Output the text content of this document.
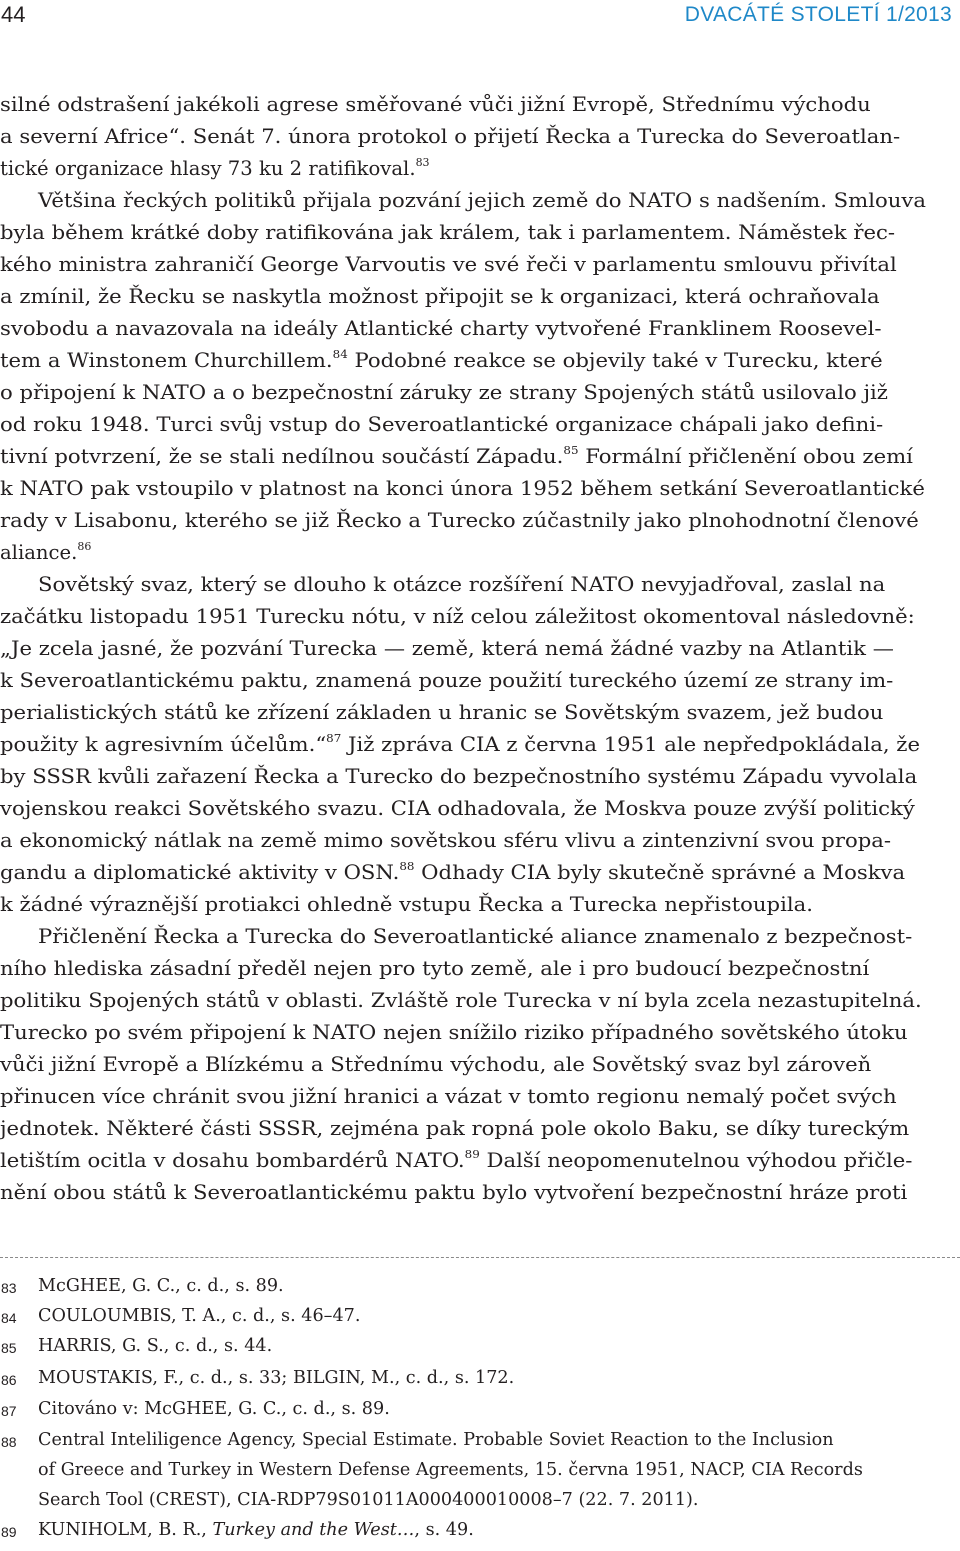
44	DVACÁTÉ STOLETÍ 1/2013
silné odstrašení jakékoli agrese směřované vůči jižní Evropě, Střednímu východu
a severní Africe“. Senát 7. února protokol o přijetí Řecka a Turecka do Severoatlan-
tické organizace hlasy 73 ku 2 ratifikoval.$^{83}$
Většina řeckých politiků přijala pozvání jejich země do NATO s nadšením. Smlouva
byla během krátké doby ratifikována jak králem, tak i parlamentem. Náměstek řec-
kého ministra zahraničí George Varvoutis ve své řeči v parlamentu smlouvu přivítal
a zmínil, že Řecku se naskytla možnost připojit se k organizaci, která ochraňovala
svobodu a navazovala na ideály Atlantické charty vytvořené Franklinem Roosevel-
tem a Winstonem Churchillem.$^{84}$ Podobné reakce se objevily také v Turecku, které
o připojení k NATO a o bezpečnostní záruky ze strany Spojených států usilovalo již
od roku 1948. Turci svůj vstup do Severoatlantické organizace chápali jako defini-
tivní potvrzení, že se stali nedílnou součástí Západu.$^{85}$ Formální přičlenění obou zemí
k NATO pak vstoupilo v platnost na konci února 1952 během setkání Severoatlantické
rady v Lisabonu, kterého se již Řecko a Turecko zúčastnily jako plnohodnotní členové
aliance.$^{86}$
Sovětský svaz, který se dlouho k otázce rozšíření NATO nevyjadřoval, zaslal na
začátku listopadu 1951 Turecku nótu, v níž celou záležitost okomentoval následovně:
„Je zcela jasné, že pozvání Turecka — země, která nemá žádné vazby na Atlantik —
k Severoatlantickému paktu, znamená pouze použití tureckého území ze strany im-
perialistických států ke zřízení základen u hranic se Sovětským svazem, jež budou
použity k agresivním účelům.“$^{87}$ Již zpráva CIA z června 1951 ale nepředpokládala, že
by SSSR kvůli zařazení Řecka a Turecko do bezpečnostního systému Západu vyvolala
vojenskou reakci Sovětského svazu. CIA odhadovala, že Moskva pouze zvýší politický
a ekonomický nátlak na země mimo sovětskou sféru vlivu a zintenzivní svou propa-
gandu a diplomatické aktivity v OSN.$^{88}$ Odhady CIA byly skutečně správné a Moskva
k žádné výraznější protiakci ohledně vstupu Řecka a Turecka nepřistoupila.
Přičlenění Řecka a Turecka do Severoatlantické aliance znamenalo z bezpečnost-
ního hlediska zásadní předěl nejen pro tyto země, ale i pro budoucí bezpečnostní
politiku Spojených států v oblasti. Zvláště role Turecka v ní byla zcela nezastupitelná.
Turecko po svém připojení k NATO nejen snížilo riziko případného sovětského útoku
vůči jižní Evropě a Blízkému a Střednímu východu, ale Sovětský svaz byl zároveň
přinucen více chránit svou jižní hranici a vázat v tomto regionu nemalý počet svých
jednotek. Některé části SSSR, zejména pak ropná pole okolo Baku, se díky tureckým
letištím ocitla v dosahu bombardérů NATO.$^{89}$ Další neopomenutelnou výhodou přičle-
nění obou států k Severoatlantickému paktu bylo vytvoření bezpečnostní hráze proti
83 McGHEE, G. C., c. d., s. 89.
84 COULOUMBIS, T. A., c. d., s. 46–47.
85 HARRIS, G. S., c. d., s. 44.
86 MOUSTAKIS, F., c. d., s. 33; BILGIN, M., c. d., s. 172.
87 Citováno v: McGHEE, G. C., c. d., s. 89.
88 Central Inteliligence Agency, Special Estimate. Probable Soviet Reaction to the Inclusion
of Greece and Turkey in Western Defense Agreements, 15. června 1951, NACP, CIA Records
Search Tool (CREST), CIA-RDP79S01011A000400010008–7 (22. 7. 2011).
89 KUNIHOLM, B. R., Turkey and the West…, s. 49.
